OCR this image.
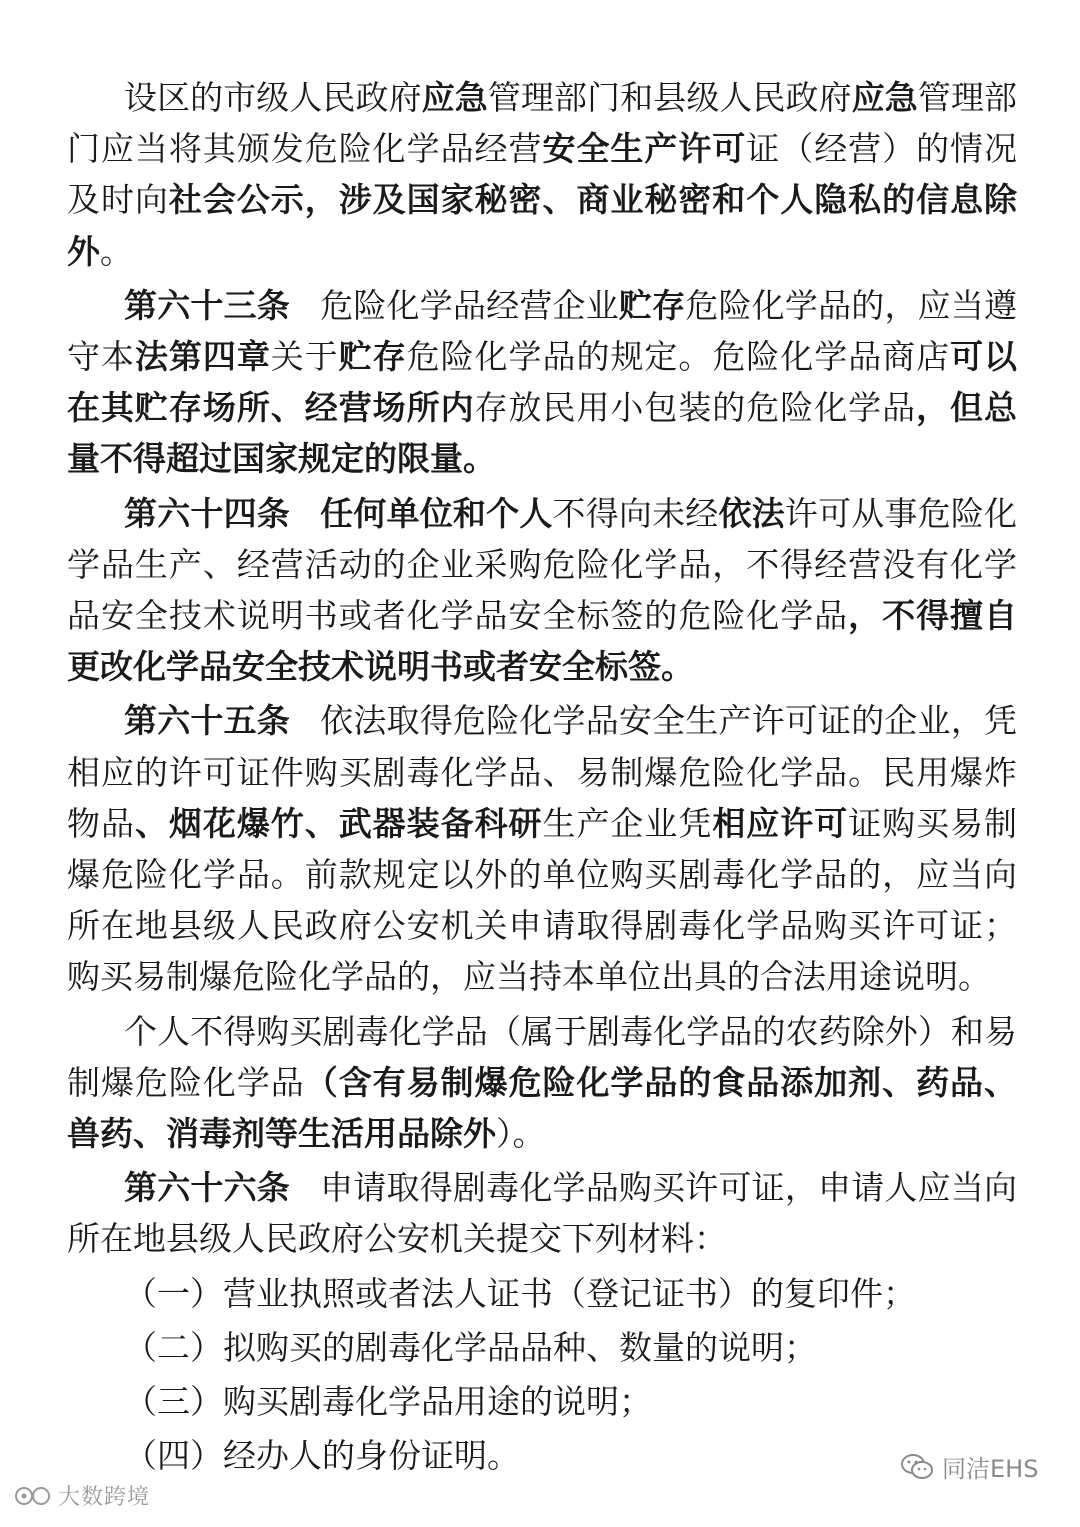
设区的市级人民政府应急管理部门和县级人民政府应急管理部门应当将其颁发危险化学品经营安全生产许可证（经营）的情况及时向社会公示，涉及国家秘密、商业秘密和个人隐私的信息除外。

第六十三条 危险化学品经营企业贮存危险化学品的，应当遵守本法第四章关于贮存危险化学品的规定。危险化学品商店可以在其贮存场所、经营场所内存放民用小包装的危险化学品，但总量不得超过国家规定的限量。

第六十四条 任何单位和个人不得向未经依法许可从事危险化学品生产、经营活动的企业采购危险化学品，不得经营没有化学品安全技术说明书或者化学品安全标签的危险化学品，不得擅自更改化学品安全技术说明书或者安全标签。

第六十五条 依法取得危险化学品安全生产许可证的企业，凭相应的许可证件购买剧毒化学品、易制爆危险化学品。民用爆炸物品、烟花爆竹、武器装备科研生产企业凭相应许可证购买易制爆危险化学品。前款规定以外的单位购买剧毒化学品的，应当向所在地县级人民政府公安机关申请取得剧毒化学品购买许可证；购买易制爆危险化学品的，应当持本单位出具的合法用途说明。

个人不得购买剧毒化学品（属于剧毒化学品的农药除外）和易制爆危险化学品（含有易制爆危险化学品的食品添加剂、药品、兽药、消毒剂等生活用品除外）。

第六十六条 申请取得剧毒化学品购买许可证，申请人应当向所在地县级人民政府公安机关提交下列材料：

（一）营业执照或者法人证书（登记证书）的复印件；

（二）拟购买的剧毒化学品品种、数量的说明；

（三）购买剧毒化学品用途的说明；

（四）经办人的身份证明。

大数跨境
同洁EHS
